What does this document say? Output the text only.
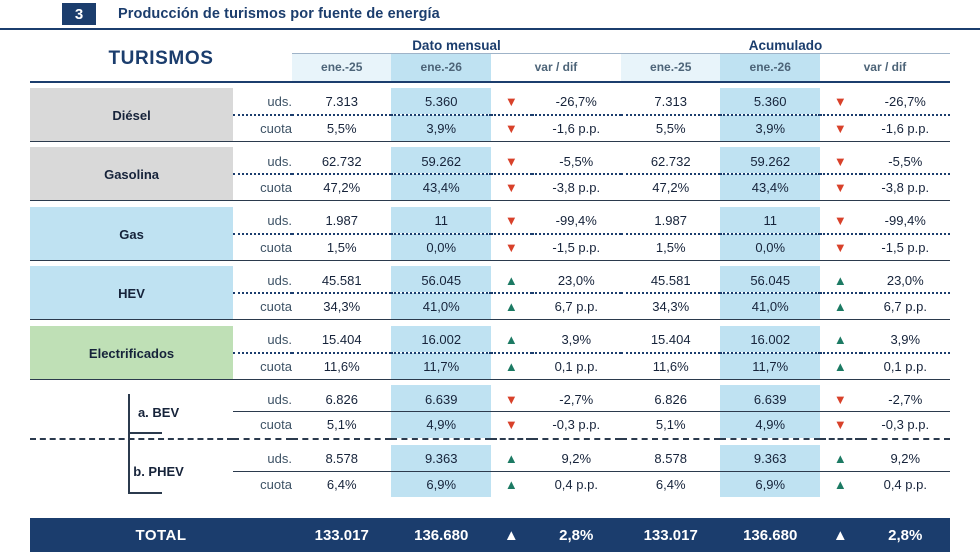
3	Producción de turismos por fuente de energía
TURISMOS		Dato mensual				Acumulado			
		ene.-25	ene.-26	var / dif		ene.-25	ene.-26	var / dif	

Diésel	uds.	7.313	5.360	▼	-26,7%	7.313	5.360	▼	-26,7%

	cuota	5,5%	3,9%	▼	-1,6 p.p.	5,5%	3,9%	▼	-1,6 p.p.

Gasolina	uds.	62.732	59.262	▼	-5,5%	62.732	59.262	▼	-5,5%

	cuota	47,2%	43,4%	▼	-3,8 p.p.	47,2%	43,4%	▼	-3,8 p.p.

Gas	uds.	1.987	11	▼	-99,4%	1.987	11	▼	-99,4%

	cuota	1,5%	0,0%	▼	-1,5 p.p.	1,5%	0,0%	▼	-1,5 p.p.

HEV	uds.	45.581	56.045	▲	23,0%	45.581	56.045	▲	23,0%

	cuota	34,3%	41,0%	▲	6,7 p.p.	34,3%	41,0%	▲	6,7 p.p.

Electrificados	uds.	15.404	16.002	▲	3,9%	15.404	16.002	▲	3,9%

	cuota	11,6%	11,7%	▲	0,1 p.p.	11,6%	11,7%	▲	0,1 p.p.

a. BEV	uds.	6.826	6.639	▼	-2,7%	6.826	6.639	▼	-2,7%

	cuota	5,1%	4,9%	▼	-0,3 p.p.	5,1%	4,9%	▼	-0,3 p.p.

b. PHEV	uds.	8.578	9.363	▲	9,2%	8.578	9.363	▲	9,2%

	cuota	6,4%	6,9%	▲	0,4 p.p.	6,4%	6,9%	▲	0,4 p.p.
TOTAL	133.017	136.680	▲	2,8%	133.017	136.680	▲	2,8%
